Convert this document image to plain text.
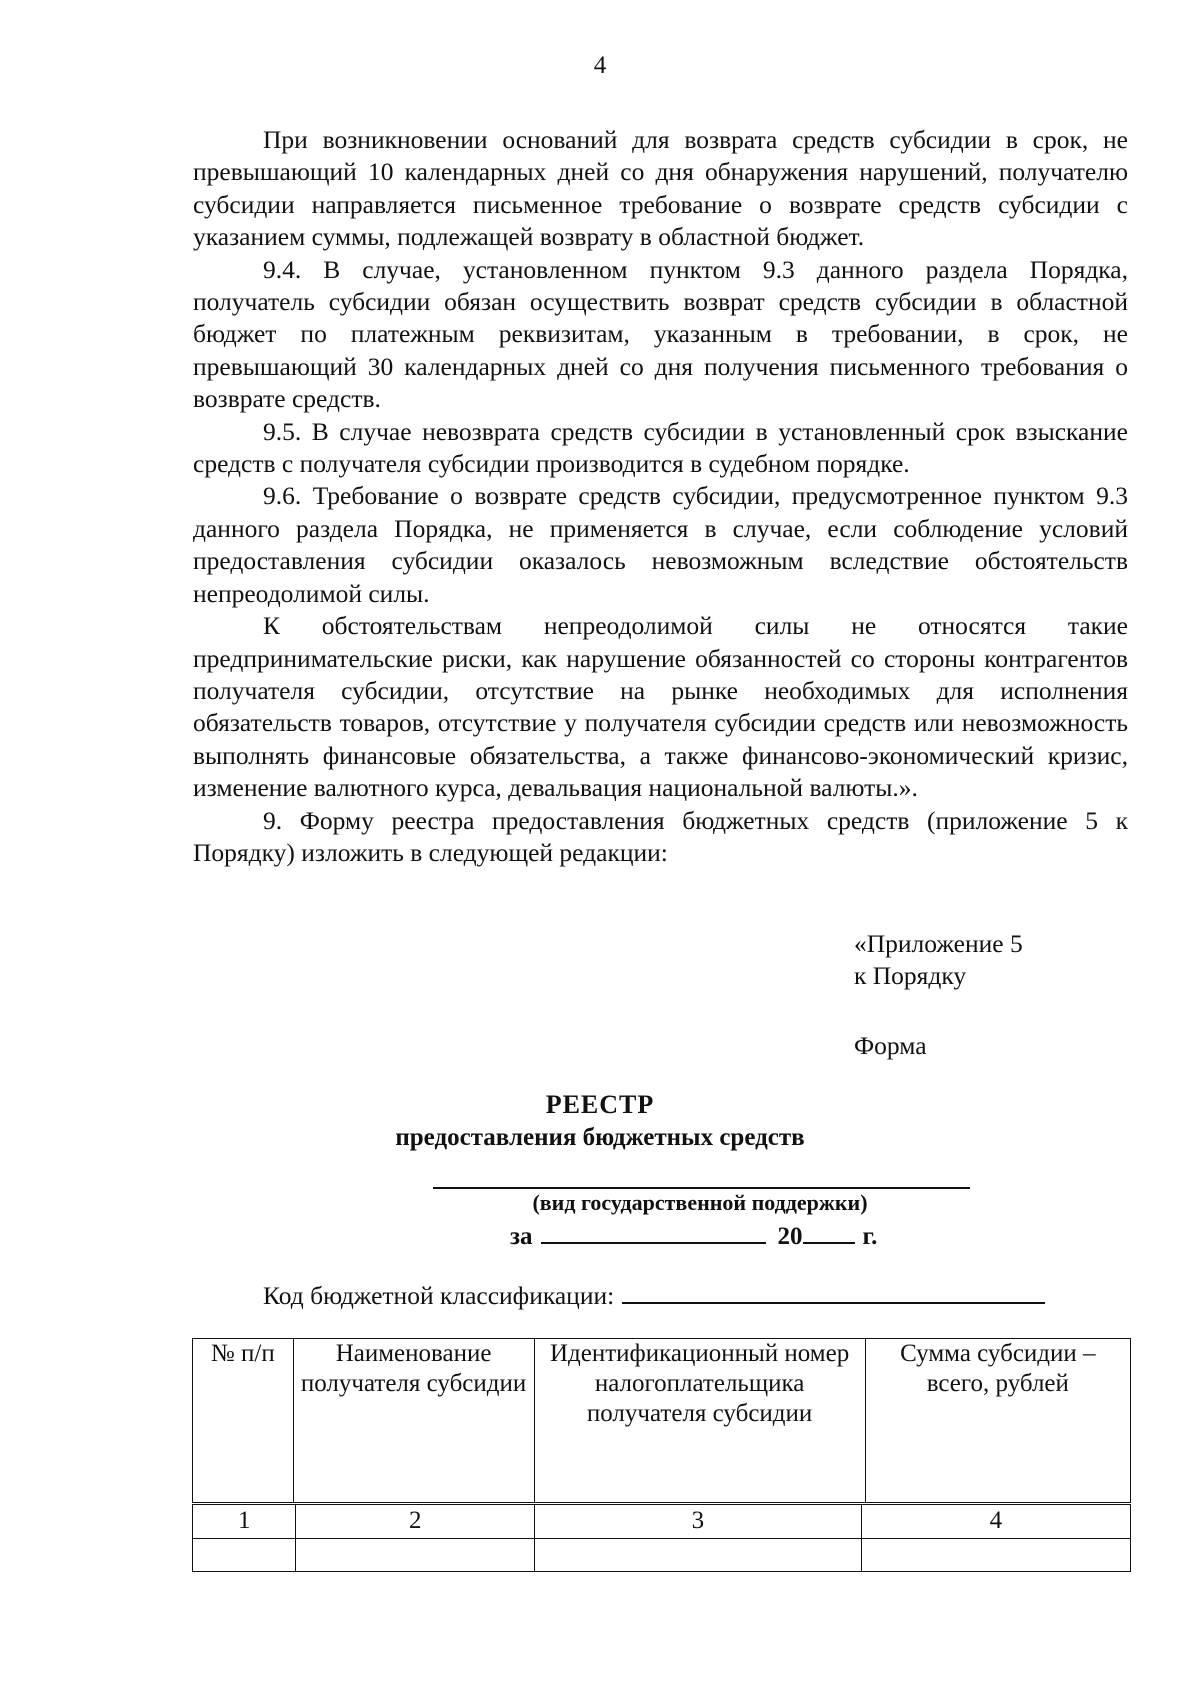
4

При возникновении оснований для возврата средств субсидии в срок, не превышающий 10 календарных дней со дня обнаружения нарушений, получателю субсидии направляется письменное требование о возврате средств субсидии с указанием суммы, подлежащей возврату в областной бюджет.

9.4. В случае, установленном пунктом 9.3 данного раздела Порядка, получатель субсидии обязан осуществить возврат средств субсидии в областной бюджет по платежным реквизитам, указанным в требовании, в срок, не превышающий 30 календарных дней со дня получения письменного требования о возврате средств.

9.5. В случае невозврата средств субсидии в установленный срок взыскание средств с получателя субсидии производится в судебном порядке.

9.6. Требование о возврате средств субсидии, предусмотренное пунктом 9.3 данного раздела Порядка, не применяется в случае, если соблюдение условий предоставления субсидии оказалось невозможным вследствие обстоятельств непреодолимой силы.

К обстоятельствам непреодолимой силы не относятся такие предпринимательские риски, как нарушение обязанностей со стороны контрагентов получателя субсидии, отсутствие на рынке необходимых для исполнения обязательств товаров, отсутствие у получателя субсидии средств или невозможность выполнять финансовые обязательства, а также финансово-экономический кризис, изменение валютного курса, девальвация национальной валюты.».

9. Форму реестра предоставления бюджетных средств (приложение 5 к Порядку) изложить в следующей редакции:

«Приложение 5
к Порядку
Форма
РЕЕСТР
предоставления бюджетных средств
(вид государственной поддержки)
за	20 г.
Код бюджетной классификации:
№ п/п	Наименование получателя субсидии	Идентификационный номер налогоплательщика получателя субсидии	Сумма субсидии – всего, рублей
1	2	3	4
